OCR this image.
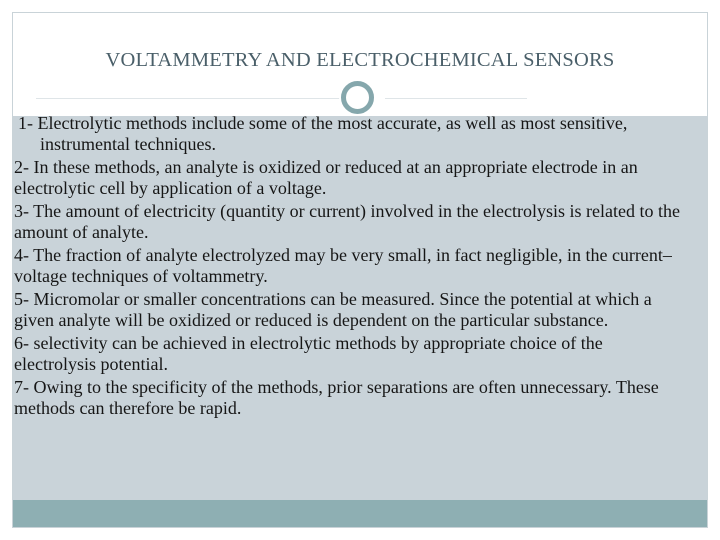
VOLTAMMETRY AND ELECTROCHEMICAL SENSORS

1- Electrolytic methods include some of the most accurate, as well as most sensitive, instrumental techniques.

2- In these methods, an analyte is oxidized or reduced at an appropriate electrode in an electrolytic cell by application of a voltage.

3- The amount of electricity (quantity or current) involved in the electrolysis is related to the amount of analyte.

4- The fraction of analyte electrolyzed may be very small, in fact negligible, in the current–voltage techniques of voltammetry.

5- Micromolar or smaller concentrations can be measured. Since the potential at which a given analyte will be oxidized or reduced is dependent on the particular substance.

6- selectivity can be achieved in electrolytic methods by appropriate choice of the electrolysis potential.

7- Owing to the specificity of the methods, prior separations are often unnecessary. These methods can therefore be rapid.
